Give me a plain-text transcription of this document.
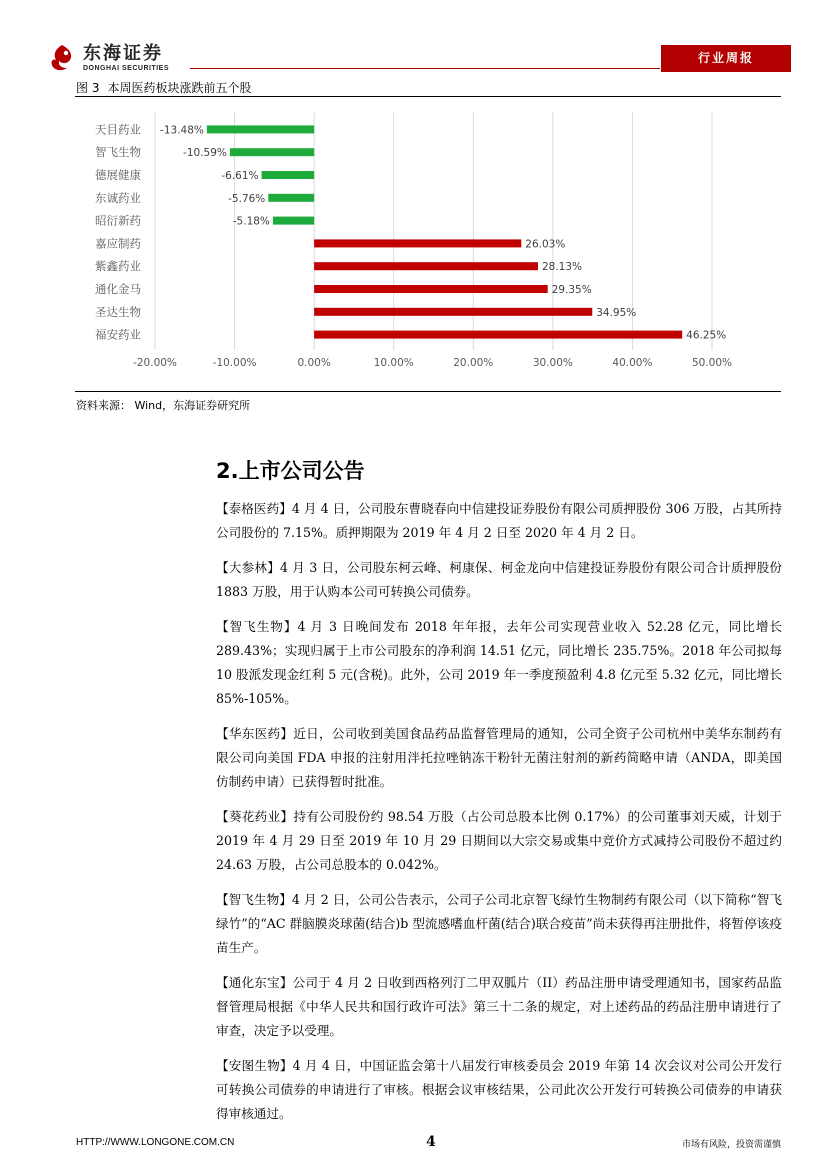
东海证券
DONGHAI SECURITIES
行业周报
图 3 本周医药板块涨跌前五个股
-20.00%	-10.00%	0.00%	10.00%	20.00%	30.00%	40.00%	50.00%
天目药业 -13.48%
智飞生物	-10.59%
德展健康	-6.61%
东诚药业	-5.76%
昭衍新药	-5.18%
嘉应制药	26.03%
紫鑫药业	28.13%
通化金马	29.35%
圣达生物	34.95%
福安药业	46.25%
资料来源： Wind，东海证券研究所
2.上市公司公告

【泰格医药】4 月 4 日，公司股东曹晓春向中信建投证券股份有限公司质押股份 306 万股，占其所持公司股份的 7.15%。质押期限为 2019 年 4 月 2 日至 2020 年 4 月 2 日。

【大参林】4 月 3 日，公司股东柯云峰、柯康保、柯金龙向中信建投证券股份有限公司合计质押股份 1883 万股，用于认购本公司可转换公司债券。

【智飞生物】4 月 3 日晚间发布 2018 年年报，去年公司实现营业收入 52.28 亿元，同比增长 289.43%；实现归属于上市公司股东的净利润 14.51 亿元，同比增长 235.75%。2018 年公司拟每 10 股派发现金红利 5 元(含税)。此外，公司 2019 年一季度预盈利 4.8 亿元至 5.32 亿元，同比增长 85%-105%。

【华东医药】近日，公司收到美国食品药品监督管理局的通知，公司全资子公司杭州中美华东制药有限公司向美国 FDA 申报的注射用泮托拉唑钠冻干粉针无菌注射剂的新药简略申请（ANDA，即美国仿制药申请）已获得暂时批准。

【葵花药业】持有公司股份约 98.54 万股（占公司总股本比例 0.17%）的公司董事刘天威，计划于 2019 年 4 月 29 日至 2019 年 10 月 29 日期间以大宗交易或集中竞价方式减持公司股份不超过约 24.63 万股，占公司总股本的 0.042%。

【智飞生物】4 月 2 日，公司公告表示，公司子公司北京智飞绿竹生物制药有限公司（以下简称“智飞绿竹”的“AC 群脑膜炎球菌(结合)b 型流感嗜血杆菌(结合)联合疫苗”尚未获得再注册批件，将暂停该疫苗生产。

【通化东宝】公司于 4 月 2 日收到西格列汀二甲双胍片（II）药品注册申请受理通知书，国家药品监督管理局根据《中华人民共和国行政许可法》第三十二条的规定，对上述药品的药品注册申请进行了审查，决定予以受理。

【安图生物】4 月 4 日，中国证监会第十八届发行审核委员会 2019 年第 14 次会议对公司公开发行可转换公司债券的申请进行了审核。根据会议审核结果，公司此次公开发行可转换公司债券的申请获得审核通过。

HTTP://WWW.LONGONE.COM.CN	4	市场有风险，投资需谨慎
